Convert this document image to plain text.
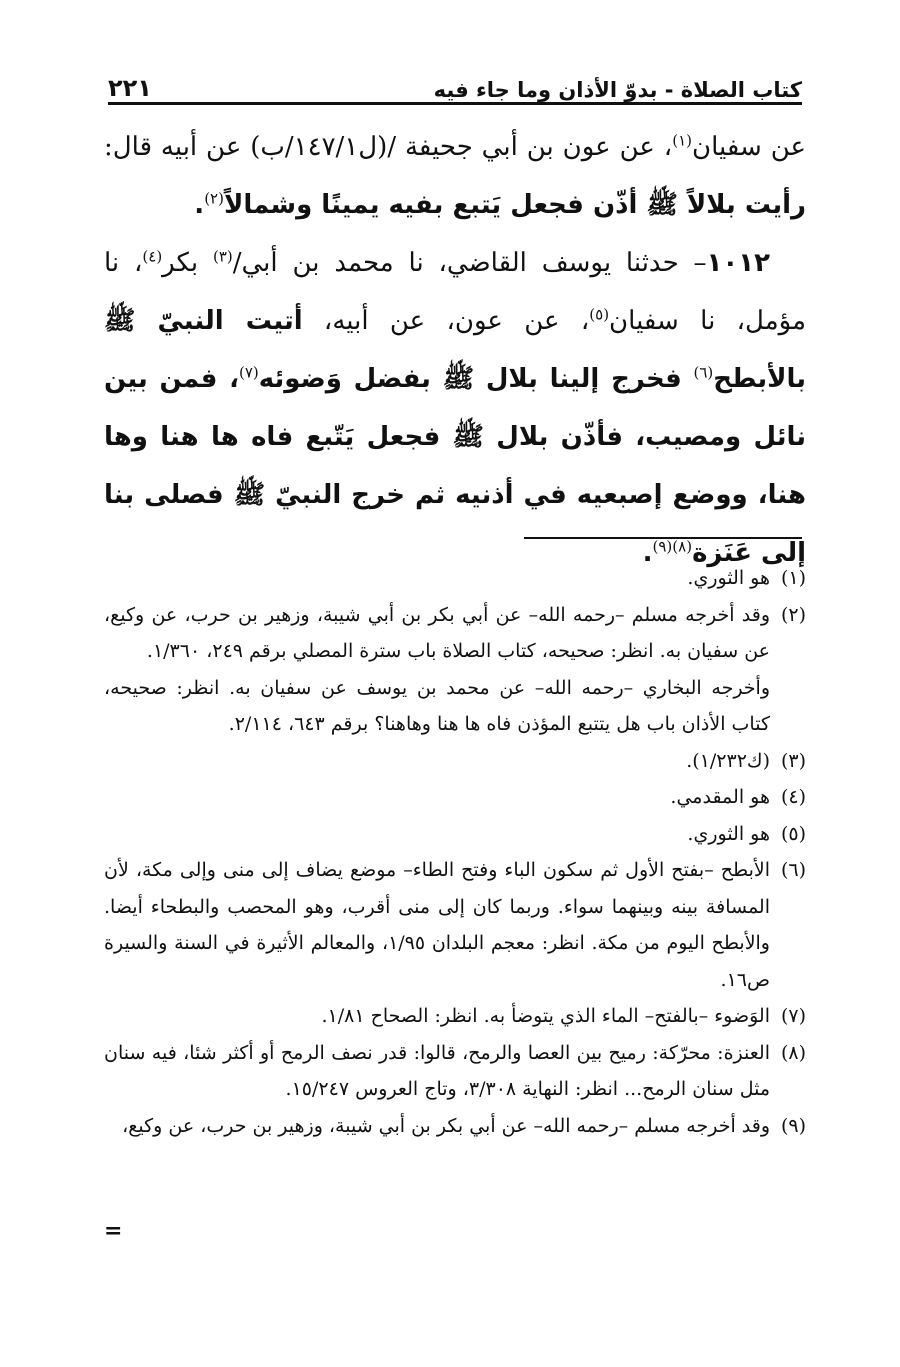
كتاب الصلاة - بدوّ الأذان وما جاء فيه
٢٢١

عن سفيان$^{(١)}$، عن عون بن أبي جحيفة /(ل١٤٧/١/ب) عن أبيه قال: رأيت بلالاً ﷺ أذّن فجعل يَتبع بفيه يمينًا وشمالاً$^{(٢)}$.

١٠١٢– حدثنا يوسف القاضي، نا محمد بن أبي/$^{(٣)}$ بكر$^{(٤)}$، نا مؤمل، نا سفيان$^{(٥)}$، عن عون، عن أبيه، أتيت النبيّ ﷺ بالأبطح$^{(٦)}$ فخرج إلينا بلال ﷺ بفضل وَضوئه$^{(٧)}$، فمن بين نائل ومصيب، فأذّن بلال ﷺ فجعل يَتّبع فاه ها هنا وها هنا، ووضع إصبعيه في أذنيه ثم خرج النبيّ ﷺ فصلى بنا إلى عَنَزة$^{(٨)(٩)}$.

(١)
هو الثوري.

(٢)
وقد أخرجه مسلم –رحمه الله– عن أبي بكر بن أبي شيبة، وزهير بن حرب، عن وكيع، عن سفيان به. انظر: صحيحه، كتاب الصلاة باب سترة المصلي برقم ٢٤٩، ١/٣٦٠.
وأخرجه البخاري –رحمه الله– عن محمد بن يوسف عن سفيان به. انظر: صحيحه، كتاب الأذان باب هل يتتبع المؤذن فاه ها هنا وهاهنا؟ برقم ٦٤٣، ٢/١١٤.

(٣)
(ك١/٢٣٢).

(٤)
هو المقدمي.

(٥)
هو الثوري.

(٦)
الأبطح –بفتح الأول ثم سكون الباء وفتح الطاء– موضع يضاف إلى منى وإلى مكة، لأن المسافة بينه وبينهما سواء. وربما كان إلى منى أقرب، وهو المحصب والبطحاء أيضا. والأبطح اليوم من مكة. انظر: معجم البلدان ١/٩٥، والمعالم الأثيرة في السنة والسيرة ص١٦.

(٧)
الوَضوء –بالفتح– الماء الذي يتوضأ به. انظر: الصحاح ١/٨١.

(٨)
العنزة: محرّكة: رميح بين العصا والرمح، قالوا: قدر نصف الرمح أو أكثر شئا، فيه سنان مثل سنان الرمح... انظر: النهاية ٣/٣٠٨، وتاج العروس ١٥/٢٤٧.

(٩)
وقد أخرجه مسلم –رحمه الله– عن أبي بكر بن أبي شيبة، وزهير بن حرب، عن وكيع،

=
